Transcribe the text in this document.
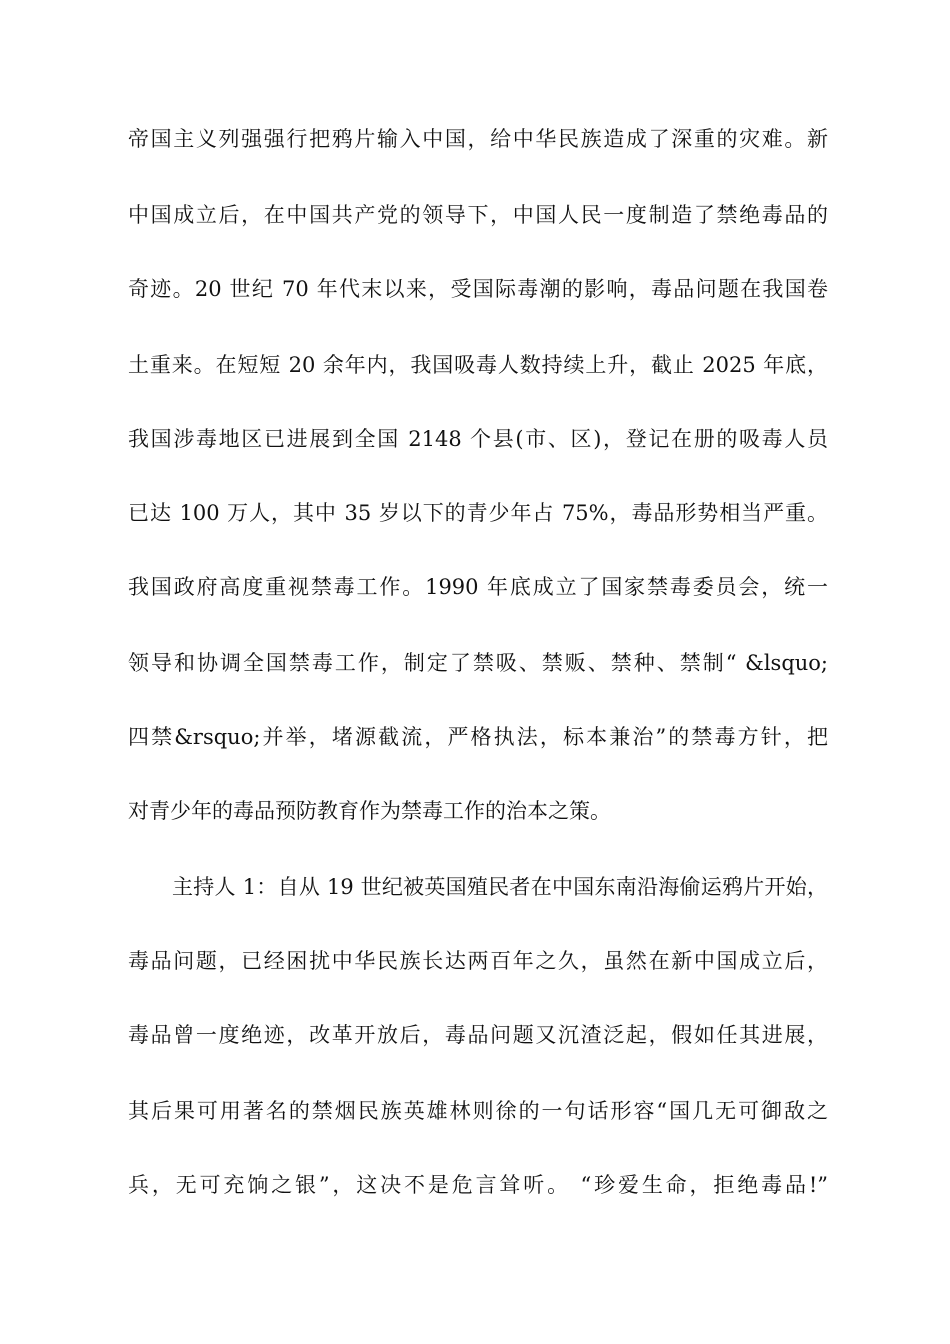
帝国主义列强强行把鸦片输入中国，给中华民族造成了深重的灾难。新
中国成立后，在中国共产党的领导下，中国人民一度制造了禁绝毒品的
奇迹。20 世纪 70 年代末以来，受国际毒潮的影响，毒品问题在我国卷
土重来。在短短 20 余年内，我国吸毒人数持续上升，截止 2025 年底，
我国涉毒地区已进展到全国 2148 个县(市、区)，登记在册的吸毒人员
已达 100 万人，其中 35 岁以下的青少年占 75%，毒品形势相当严重。
我国政府高度重视禁毒工作。1990 年底成立了国家禁毒委员会，统一
领导和协调全国禁毒工作，制定了禁吸、禁贩、禁种、禁制“ &lsquo;
四禁&rsquo;并举，堵源截流，严格执法，标本兼治”的禁毒方针，把
对青少年的毒品预防教育作为禁毒工作的治本之策。
主持人 1：自从 19 世纪被英国殖民者在中国东南沿海偷运鸦片开始，
毒品问题，已经困扰中华民族长达两百年之久，虽然在新中国成立后，
毒品曾一度绝迹，改革开放后，毒品问题又沉渣泛起，假如任其进展，
其后果可用著名的禁烟民族英雄林则徐的一句话形容“国几无可御敌之
兵，无可充饷之银”，这决不是危言耸听。 “珍爱生命，拒绝毒品!”
